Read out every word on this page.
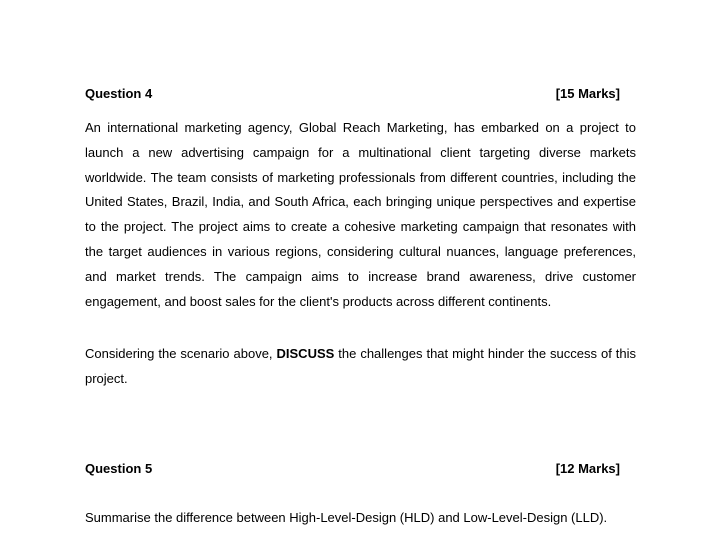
Question 4	[15 Marks]

An international marketing agency, Global Reach Marketing, has embarked on a project to launch a new advertising campaign for a multinational client targeting diverse markets worldwide. The team consists of marketing professionals from different countries, including the United States, Brazil, India, and South Africa, each bringing unique perspectives and expertise to the project. The project aims to create a cohesive marketing campaign that resonates with the target audiences in various regions, considering cultural nuances, language preferences, and market trends. The campaign aims to increase brand awareness, drive customer engagement, and boost sales for the client's products across different continents.

Considering the scenario above, DISCUSS the challenges that might hinder the success of this project.

Question 5	[12 Marks]

Summarise the difference between High-Level-Design (HLD) and Low-Level-Design (LLD).
